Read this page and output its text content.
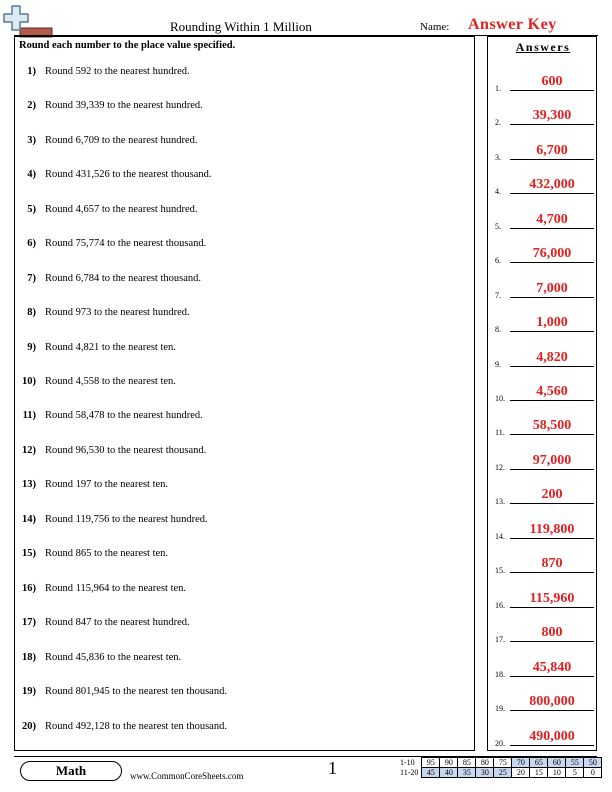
Rounding Within 1 Million	Name: Answer Key
Round each number to the place value specified.
1) Round 592 to the nearest hundred.
2) Round 39,339 to the nearest hundred.
3) Round 6,709 to the nearest hundred.
4) Round 431,526 to the nearest thousand.
5) Round 4,657 to the nearest hundred.
6) Round 75,774 to the nearest thousand.
7) Round 6,784 to the nearest thousand.
8) Round 973 to the nearest hundred.
9) Round 4,821 to the nearest ten.
10) Round 4,558 to the nearest ten.
11) Round 58,478 to the nearest hundred.
12) Round 96,530 to the nearest thousand.
13) Round 197 to the nearest ten.
14) Round 119,756 to the nearest hundred.
15) Round 865 to the nearest ten.
16) Round 115,964 to the nearest ten.
17) Round 847 to the nearest hundred.
18) Round 45,836 to the nearest ten.
19) Round 801,945 to the nearest ten thousand.
20) Round 492,128 to the nearest ten thousand.
Answers
1.	600
2.	39,300
3.	6,700
4.	432,000
5.	4,700
6.	76,000
7.	7,000
8.	1,000
9.	4,820
10.	4,560
11.	58,500
12.	97,000
13.	200
14.	119,800
15.	870
16.	115,960
17.	800
18.	45,840
19.	800,000
20.	490,000
Math	www.CommonCoreSheets.com	1	1-10	95	90	85	80	75	70	65	60	55	50
11-20	45	40	35	30	25	20	15	10	5	0
